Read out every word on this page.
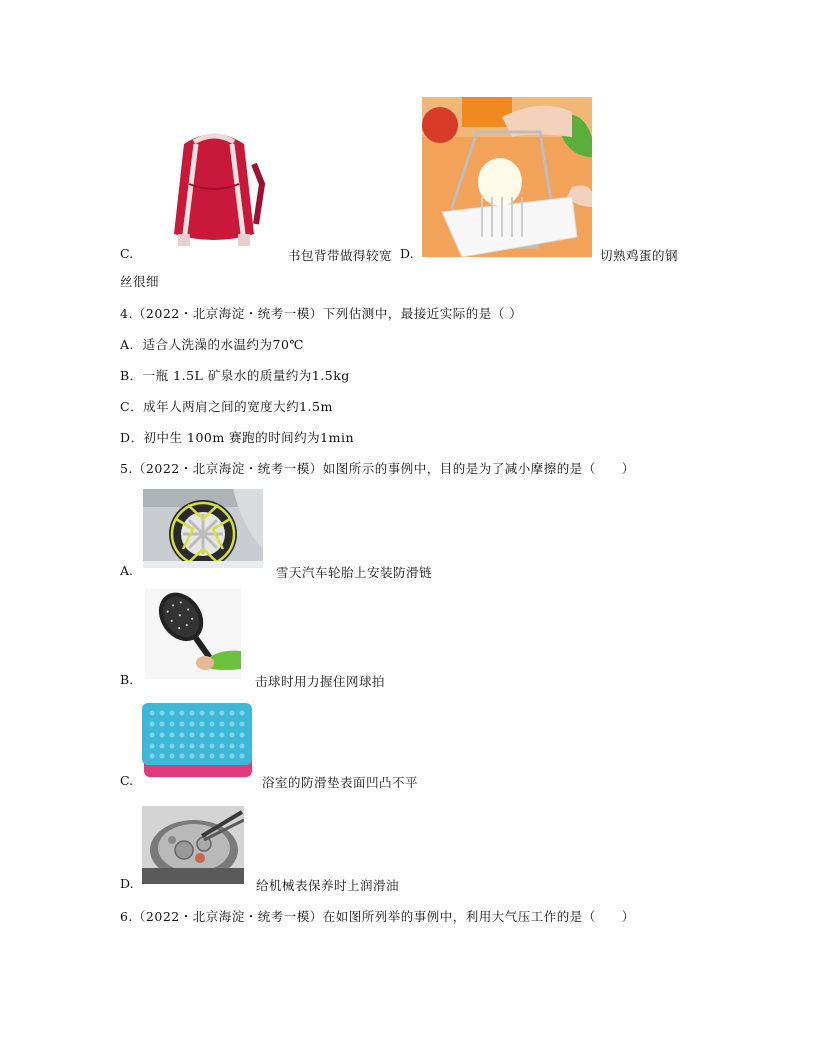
C.	书包背带做得较宽 D.	切熟鸡蛋的钢
丝很细
4.（2022・北京海淀・统考一模）下列估测中，最接近实际的是（ ）
A．适合人洗澡的水温约为70℃
B．一瓶 1.5L 矿泉水的质量约为1.5kg
C．成年人两肩之间的宽度大约1.5m
D．初中生 100m 赛跑的时间约为1min
5.（2022・北京海淀・统考一模）如图所示的事例中，目的是为了减小摩擦的是（　　）
A.	雪天汽车轮胎上安装防滑链
B.	击球时用力握住网球拍
C.	浴室的防滑垫表面凹凸不平
D.	给机械表保养时上润滑油
6.（2022・北京海淀・统考一模）在如图所列举的事例中，利用大气压工作的是（　　）
